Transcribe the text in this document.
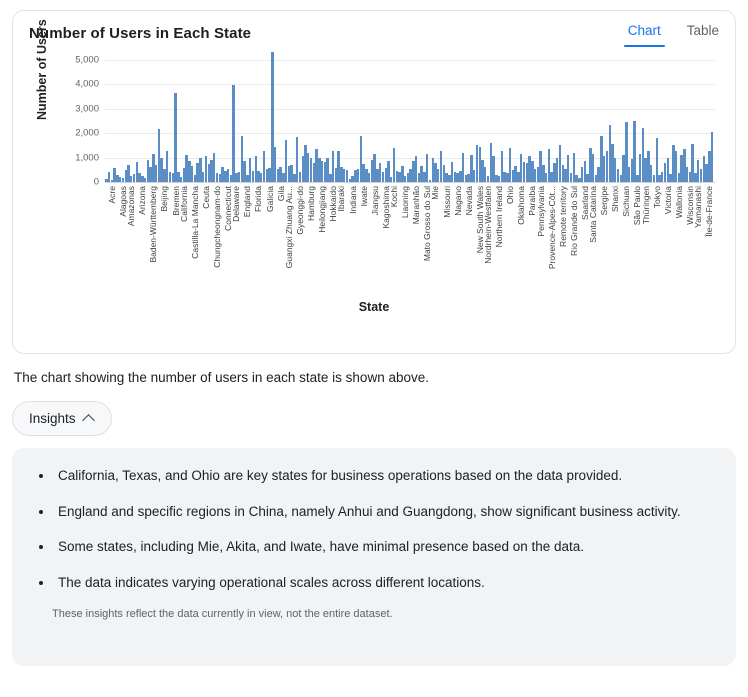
Number of Users in Each State	Chart Table
Number of Users
0
1,000
2,000
3,000
4,000
5,000
Acre Alagoas
Amazonas Arizona Baden-Württemberg Beijing Bremen
California Castilla-La Mancha Ceuta Chungcheongnam-do Connecticut
Delaware England Florida Galicia Gila
Guangxi Zhuang Au... Gyeonggi-do Hamburg Heilongjiang Hokkaido
Ibaraki Indiana Iwate Jiangsu Kagoshima
Kochi Liaoning Maranhão Mato Grosso do Sul
Mie Missouri Nagano Nevada New South Wales
Nordrhein-Westfalen Northern Ireland Ohio Oklahoma Paraíba
Pennsylvania Provence-Alpes-Côt... Remote territory Rio Grande do Sul Saarland
Santa Catarina Sergipe Shanxi Sichuan São Paulo
Thüringen Tokyo Victoria Wallonia Wisconsin
Yamanashi Île-de-France
State
The chart showing the number of users in each state is shown above.
Insights
• California, Texas, and Ohio are key states for business operations based on the data provided.
• England and specific regions in China, namely Anhui and Guangdong, show significant business activity.
• Some states, including Mie, Akita, and Iwate, have minimal presence based on the data.
• The data indicates varying operational scales across different locations.
These insights reflect the data currently in view, not the entire dataset.
